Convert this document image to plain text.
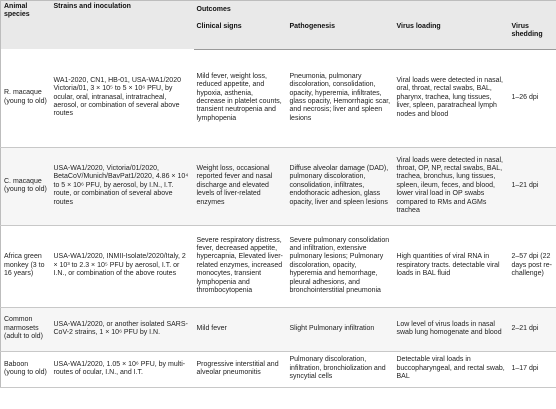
Animal species	Strains and inoculation	Outcomes			
		Clinical signs	Pathogenesis	Virus loading	Virus shedding
R. macaque (young to old)	WA1-2020, CN1, HB-01, USA-WA1/2020 Victoria/01, 3 × 10⁵ to 5 × 10⁶ PFU, by ocular, oral, intranasal, intratracheal, aerosol, or combination of several above routes	Mild fever, weight loss, reduced appetite, and hypoxia, asthenia, decrease in platelet counts, transient neutropenia and lymphopenia	Pneumonia, pulmonary discoloration, consolidation, opacity, hyperemia, infiltrates, glass opacity, Hemorrhagic scar, and necrosis; liver and spleen lesions	Viral loads were detected in nasal, oral, throat, rectal swabs, BAL, pharynx, trachea, lung tissues, liver, spleen, paratracheal lymph nodes and blood	1–26 dpi
C. macaque (young to old)	USA-WA1/2020, Victoria/01/2020, BetaCoV/Munich/BavPat1/2020, 4.86 × 10⁴ to 5 × 10⁶ PFU, by aerosol, by I.N., I.T. route, or combination of several above routes	Weight loss, occasional reported fever and nasal discharge and elevated levels of liver-related enzymes	Diffuse alveolar damage (DAD), pulmonary discoloration, consolidation, infiltrates, endothoracic adhesion, glass opacity, liver and spleen lesions	Viral loads were detected in nasal, throat, OP, NP, rectal swabs, BAL, trachea, bronchus, lung tissues, spleen, ileum, feces, and blood, lower viral load in OP swabs compared to RMs and AGMs trachea	1–21 dpi
Africa green monkey (3 to 16 years)	USA-WA1/2020, INMII-Isolate/2020/Italy, 2 × 10³ to 2.3 × 10⁵ PFU by aerosol, I.T. or I.N., or combination of the above routes	Severe respiratory distress, fever, decreased appetite, hypercapnia, Elevated liver-related enzymes, increased monocytes, transient lymphopenia and thrombocytopenia	Severe pulmonary consolidation and infiltration, extensive pulmonary lesions; Pulmonary discoloration, opacity, hyperemia and hemorrhage, pleural adhesions, and bronchointerstitial pneumonia	High quantities of viral RNA in respiratory tracts. detectable viral loads in BAL fluid	2–57 dpi (22 days post re-challenge)
Common marmosets (adult to old)	USA-WA1/2020, or another isolated SARS-CoV-2 strains, 1 × 10⁶ PFU by I.N.	Mild fever	Slight Pulmonary infiltration	Low level of virus loads in nasal swab lung homogenate and blood	2–21 dpi
Baboon (young to old)	USA-WA1/2020, 1.05 × 10⁶ PFU, by multi-routes of ocular, I.N., and I.T.	Progressive interstitial and alveolar pneumonitis	Pulmonary discoloration, infiltration, bronchiolization and syncytial cells	Detectable viral loads in buccopharyngeal, and rectal swab, BAL	1–17 dpi
